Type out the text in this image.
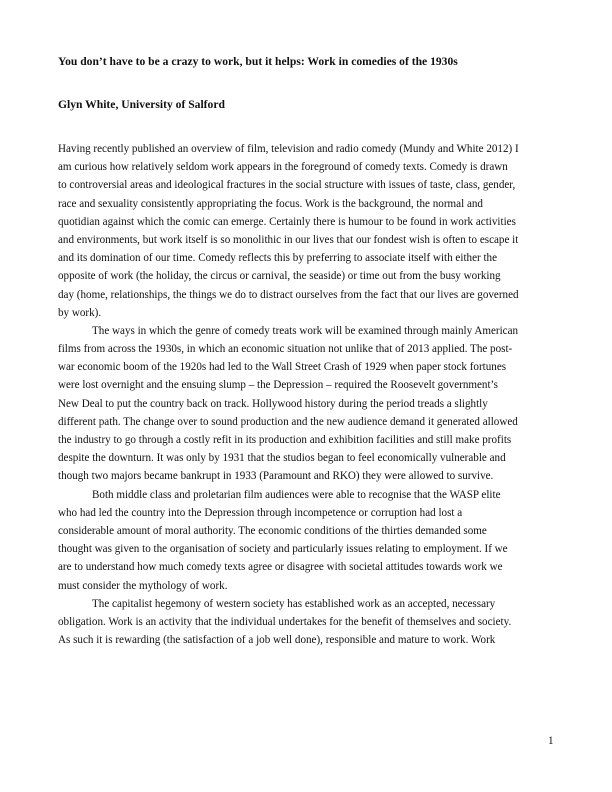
You don’t have to be a crazy to work, but it helps: Work in comedies of the 1930s
Glyn White, University of Salford
Having recently published an overview of film, television and radio comedy (Mundy and White 2012) I
am curious how relatively seldom work appears in the foreground of comedy texts. Comedy is drawn
to controversial areas and ideological fractures in the social structure with issues of taste, class, gender,
race and sexuality consistently appropriating the focus. Work is the background, the normal and
quotidian against which the comic can emerge. Certainly there is humour to be found in work activities
and environments, but work itself is so monolithic in our lives that our fondest wish is often to escape it
and its domination of our time. Comedy reflects this by preferring to associate itself with either the
opposite of work (the holiday, the circus or carnival, the seaside) or time out from the busy working
day (home, relationships, the things we do to distract ourselves from the fact that our lives are governed
by work).
The ways in which the genre of comedy treats work will be examined through mainly American
films from across the 1930s, in which an economic situation not unlike that of 2013 applied. The post-
war economic boom of the 1920s had led to the Wall Street Crash of 1929 when paper stock fortunes
were lost overnight and the ensuing slump – the Depression – required the Roosevelt government’s
New Deal to put the country back on track. Hollywood history during the period treads a slightly
different path. The change over to sound production and the new audience demand it generated allowed
the industry to go through a costly refit in its production and exhibition facilities and still make profits
despite the downturn. It was only by 1931 that the studios began to feel economically vulnerable and
though two majors became bankrupt in 1933 (Paramount and RKO) they were allowed to survive.
Both middle class and proletarian film audiences were able to recognise that the WASP elite
who had led the country into the Depression through incompetence or corruption had lost a
considerable amount of moral authority. The economic conditions of the thirties demanded some
thought was given to the organisation of society and particularly issues relating to employment. If we
are to understand how much comedy texts agree or disagree with societal attitudes towards work we
must consider the mythology of work.
The capitalist hegemony of western society has established work as an accepted, necessary
obligation. Work is an activity that the individual undertakes for the benefit of themselves and society.
As such it is rewarding (the satisfaction of a job well done), responsible and mature to work. Work
1
